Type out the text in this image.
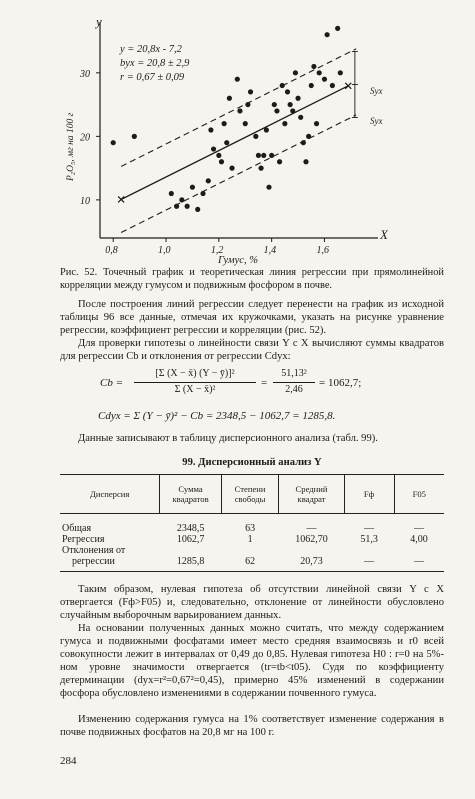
0,8	1,0	1,2	1,4	1,6
10
20
30
y
X
Гумус, %
P₂O₅, мг на 100 г
y = 20,8x - 7,2
byx = 20,8 ± 2,9
r = 0,67 ± 0,09
Syx
Syx
Рис. 52. Точечный график и теоретическая линия регрессии при прямолинейной корреляции между гумусом и подвижным фосфором в почве.
После построения линий регрессии следует перенести на график из исходной таблицы 96 все данные, отмечая их кружочками, указать на рисунке уравнение регрессии, коэффициент регрессии и корреляции (рис. 52).
Для проверки гипотезы о линейности связи Y с X вычисляют суммы квадратов для регрессии Cb и отклонения от регрессии Cdyx:
Cb =
[Σ (X − x̄) (Y − ȳ)]²
Σ (X − x̄)²
=
51,13²
2,46
= 1062,7;
Cdyx = Σ (Y − ȳ)² − Cb = 2348,5 − 1062,7 = 1285,8.
Данные записывают в таблицу дисперсионного анализа (табл. 99).
99. Дисперсионный анализ Y
Дисперсия	Сумма квадратов	Степени свободы	Средний квадрат	Fф	F05
Общая	2348,5	63	—	—	—
Регрессия	1062,7	1	1062,70	51,3	4,00
Отклонения от					
регрессии	1285,8	62	20,73	—	—
Таким образом, нулевая гипотеза об отсутствии линейной связи Y с X отвергается (Fф>F05) и, следовательно, отклонение от линейности обусловлено случайным выборочным варьированием данных.
На основании полученных данных можно считать, что между содержанием гумуса и подвижными фосфатами имеет место средняя взаимосвязь и r0 всей совокупности лежит в интервалах от 0,49 до 0,85. Нулевая гипотеза H0 : r=0 на 5%-ном уровне значимости отвергается (tr=tb<t05). Судя по коэффициенту детерминации (dyx=r²=0,67²=0,45), примерно 45% изменений в содержании фосфора обусловлено изменениями в содержании почвенного гумуса.
Изменению содержания гумуса на 1% соответствует изменение содержания в почве подвижных фосфатов на 20,8 мг на 100 г.
284
